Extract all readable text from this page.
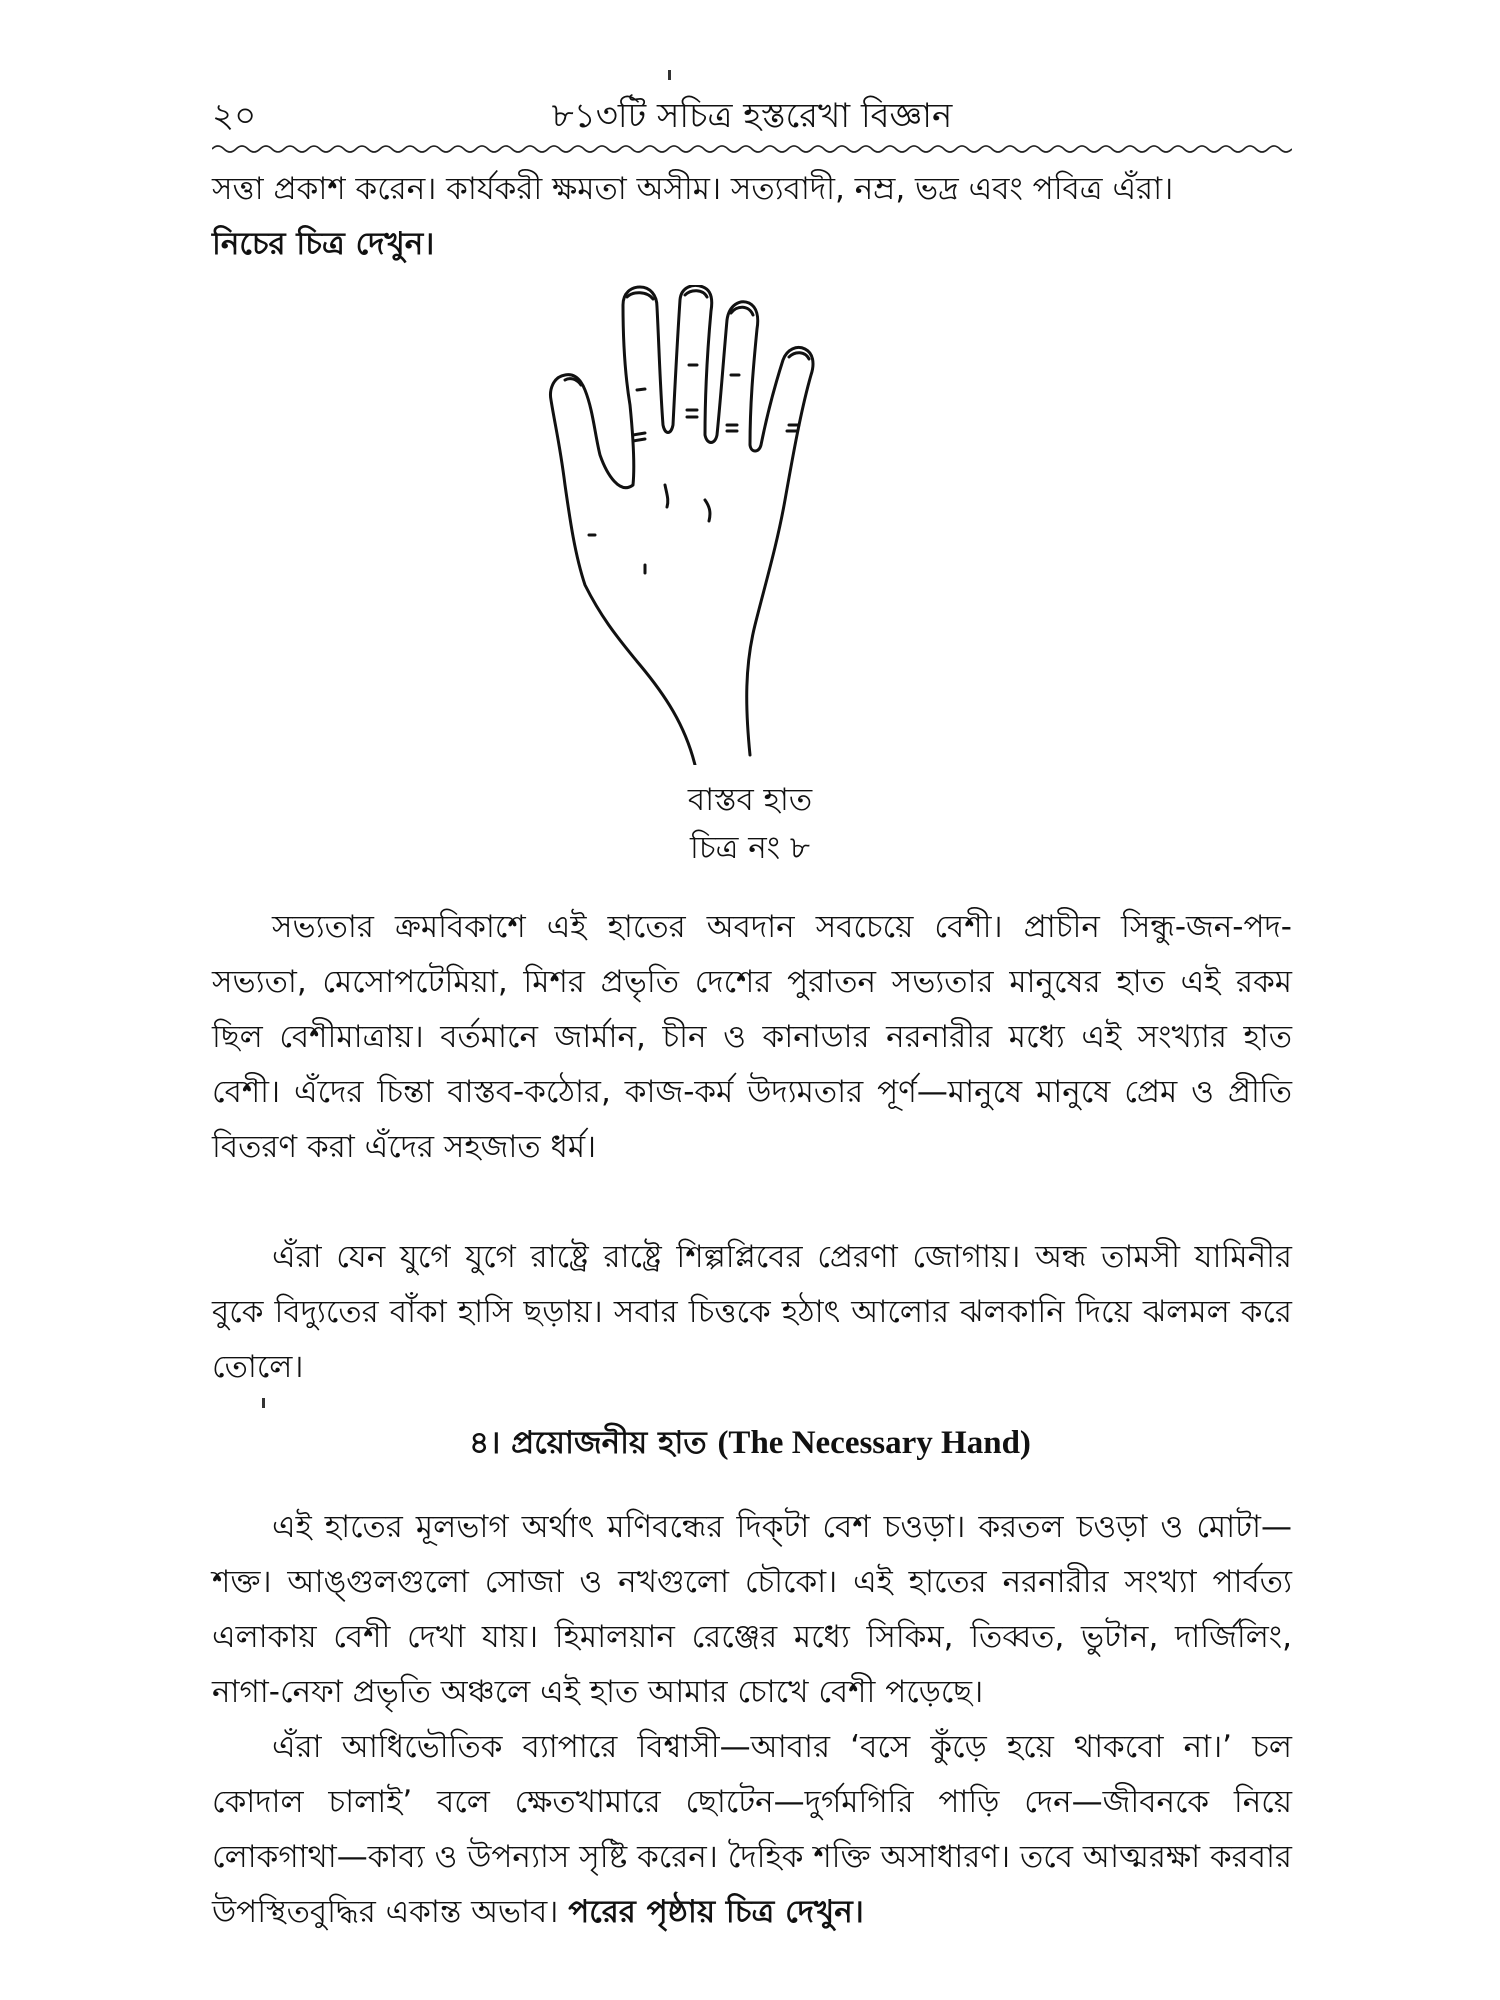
২০	৮১৩টি সচিত্র হস্তরেখা বিজ্ঞান

সত্তা প্রকাশ করেন। কার্যকরী ক্ষমতা অসীম। সত্যবাদী, নম্র, ভদ্র এবং পবিত্র এঁরা।

নিচের চিত্র দেখুন।

বাস্তব হাত
চিত্র নং ৮

সভ্যতার ক্রমবিকাশে এই হাতের অবদান সবচেয়ে বেশী। প্রাচীন সিন্ধু-জন-পদ-সভ্যতা, মেসোপটেমিয়া, মিশর প্রভৃতি দেশের পুরাতন সভ্যতার মানুষের হাত এই রকম ছিল বেশীমাত্রায়। বর্তমানে জার্মান, চীন ও কানাডার নরনারীর মধ্যে এই সংখ্যার হাত বেশী। এঁদের চিন্তা বাস্তব-কঠোর, কাজ-কর্ম উদ্যমতার পূর্ণ—মানুষে মানুষে প্রেম ও প্রীতি বিতরণ করা এঁদের সহজাত ধর্ম।

এঁরা যেন যুগে যুগে রাষ্ট্রে রাষ্ট্রে শিল্পপ্লিবের প্রেরণা জোগায়। অন্ধ তামসী যামিনীর বুকে বিদ্যুতের বাঁকা হাসি ছড়ায়। সবার চিত্তকে হঠাৎ আলোর ঝলকানি দিয়ে ঝলমল করে তোলে।

৪। প্রয়োজনীয় হাত (The Necessary Hand)

এই হাতের মূলভাগ অর্থাৎ মণিবন্ধের দিক্‌টা বেশ চওড়া। করতল চওড়া ও মোটা—শক্ত। আঙ্গুলগুলো সোজা ও নখগুলো চৌকো। এই হাতের নরনারীর সংখ্যা পার্বত্য এলাকায় বেশী দেখা যায়। হিমালয়ান রেঞ্জের মধ্যে সিকিম, তিব্বত, ভুটান, দার্জিলিং, নাগা-নেফা প্রভৃতি অঞ্চলে এই হাত আমার চোখে বেশী পড়েছে।

এঁরা আধিভৌতিক ব্যাপারে বিশ্বাসী—আবার ‘বসে কুঁড়ে হয়ে থাকবো না।’ চল কোদাল চালাই’ বলে ক্ষেতখামারে ছোটেন—দুর্গমগিরি পাড়ি দেন—জীবনকে নিয়ে লোকগাথা—কাব্য ও উপন্যাস সৃষ্টি করেন। দৈহিক শক্তি অসাধারণ। তবে আত্মরক্ষা করবার উপস্থিতবুদ্ধির একান্ত অভাব। পরের পৃষ্ঠায় চিত্র দেখুন।
